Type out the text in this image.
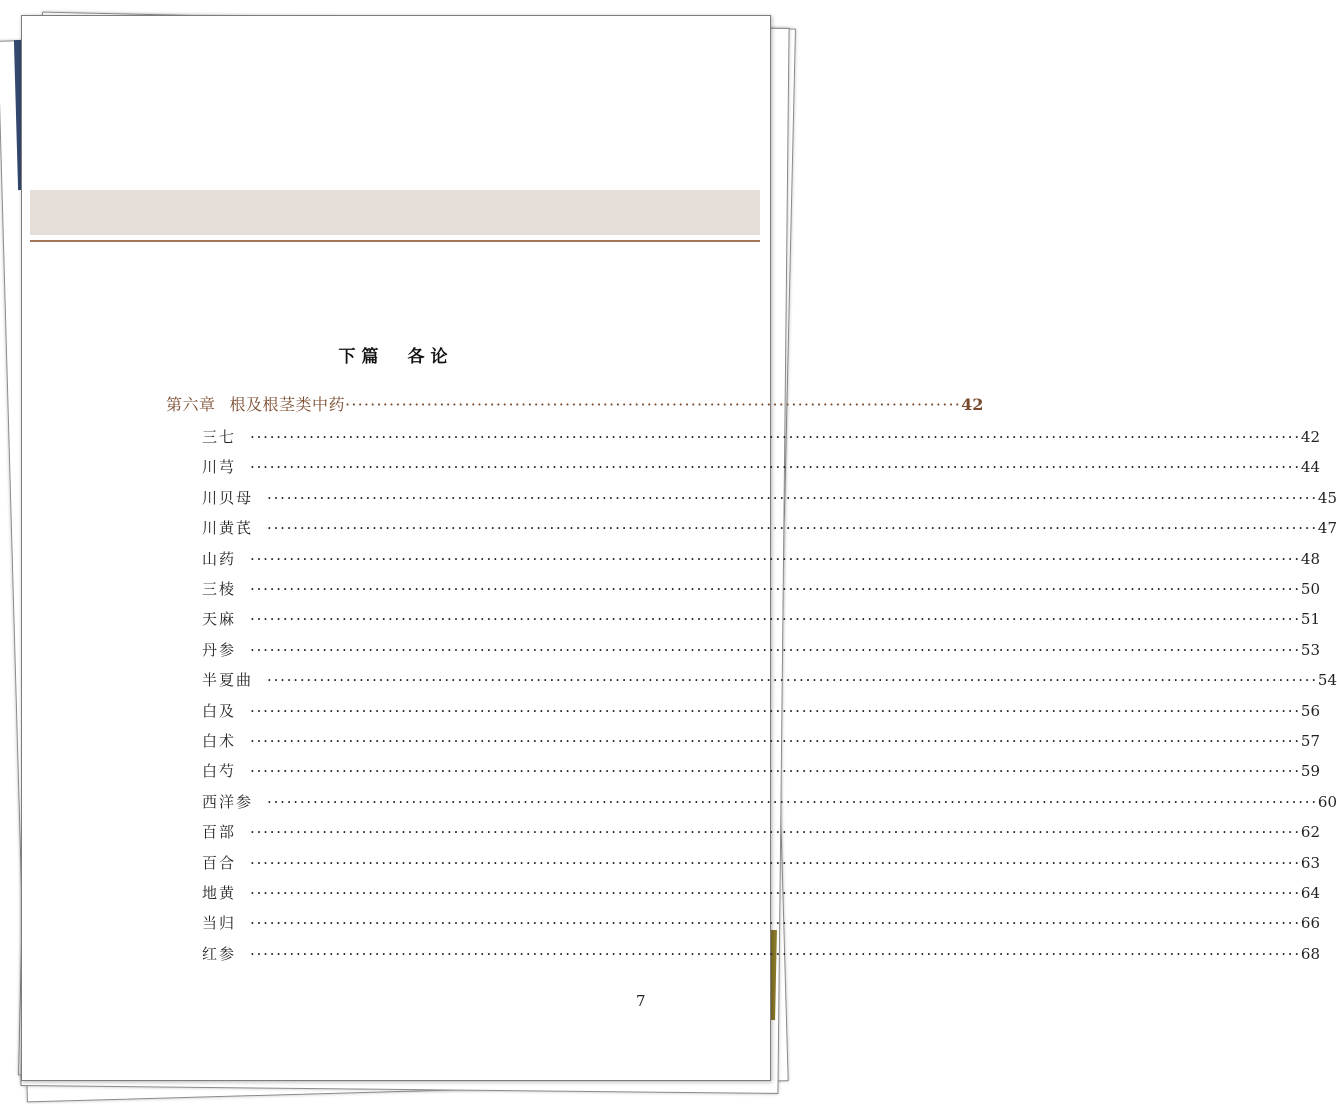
下篇　各论
第六章 根及根茎类中药 ·································································································· 42
三七 ································································································································································ 42
川芎 ································································································································································ 44
川贝母 ································································································································································ 45
川黄芪 ································································································································································ 47
山药 ································································································································································ 48
三棱 ································································································································································ 50
天麻 ································································································································································ 51
丹参 ································································································································································ 53
半夏曲 ································································································································································ 54
白及 ································································································································································ 56
白术 ································································································································································ 57
白芍 ································································································································································ 59
西洋参 ································································································································································ 60
百部 ································································································································································ 62
百合 ································································································································································ 63
地黄 ································································································································································ 64
当归 ································································································································································ 66
红参 ································································································································································ 68
7
